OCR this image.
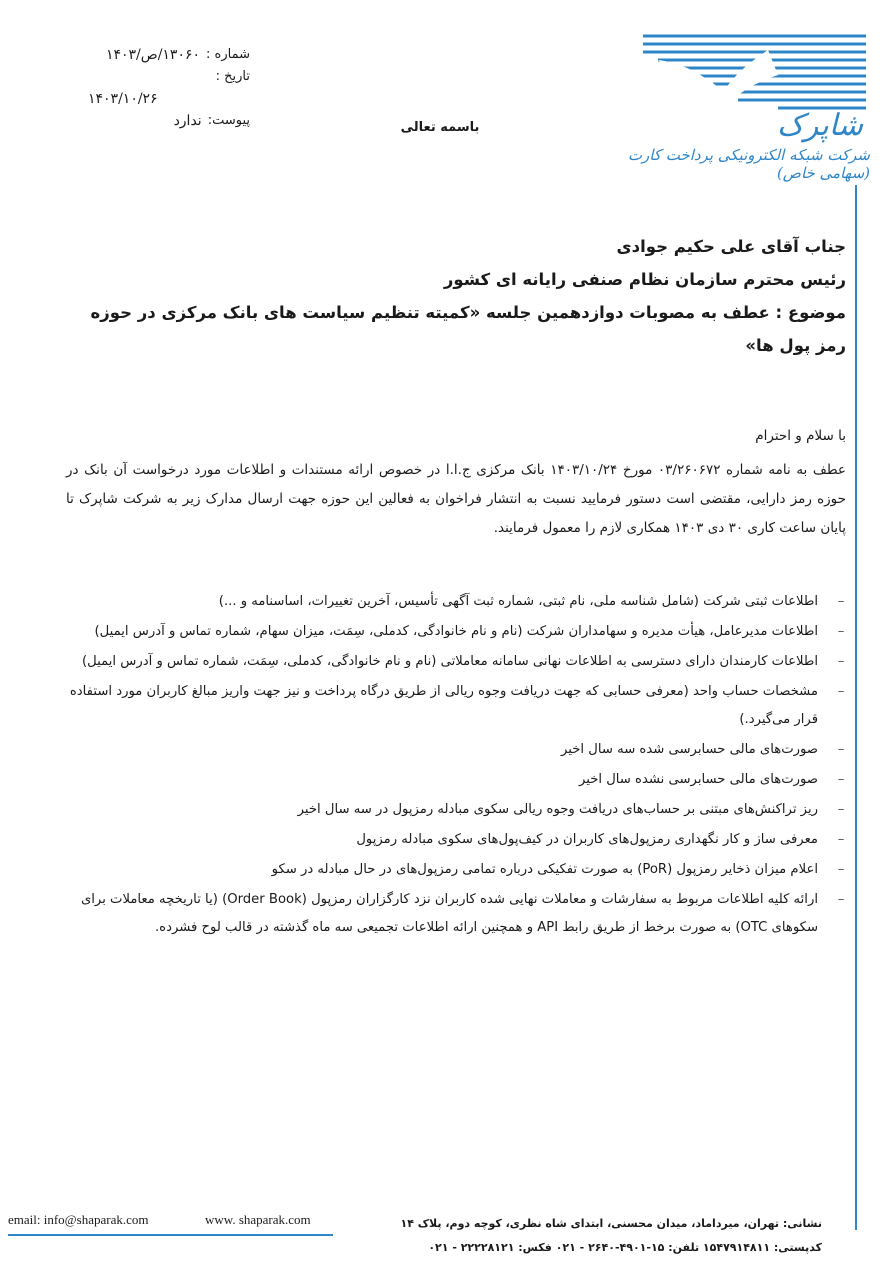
شاپرک
شرکت شبکه الکترونیکی پرداخت کارت (سهامی خاص)
شماره :
۱۳۰۶۰/ص/۱۴۰۳
تاریخ :
۱۴۰۳/۱۰/۲۶
پیوست:
ندارد	باسمه تعالی

جناب آقای علی حکیم جوادی

رئیس محترم سازمان نظام صنفی رایانه ای کشور

موضوع : عطف به مصوبات دوازدهمین جلسه «کمیته تنظیم سیاست های بانک مرکزی در حوزه رمز پول ها»

با سلام و احترام
عطف به نامه شماره ۰۳/۲۶۰۶۷۲ مورخ ۱۴۰۳/۱۰/۲۴ بانک مرکزی ج.ا.ا در خصوص ارائه مستندات و اطلاعات مورد درخواست آن بانک در حوزه رمز دارایی، مقتضی است دستور فرمایید نسبت به انتشار فراخوان به فعالین این حوزه جهت ارسال مدارک زیر به شرکت شاپرک تا پایان ساعت کاری ۳۰ دی ۱۴۰۳ همکاری لازم را معمول فرمایند.
–
اطلاعات ثبتی شرکت (شامل شناسه ملی، نام ثبتی، شماره ثبت آگهی تأسیس، آخرین تغییرات، اساسنامه و ...)
–
اطلاعات مدیرعامل، هیأت مدیره و سهامداران شرکت (نام و نام خانوادگی، کدملی، سِمَت، میزان سهام، شماره تماس و آدرس ایمیل)
–
اطلاعات کارمندان دارای دسترسی به اطلاعات نهانی سامانه معاملاتی (نام و نام خانوادگی، کدملی، سِمَت، شماره تماس و آدرس ایمیل)
–
مشخصات حساب واحد (معرفی حسابی که جهت دریافت وجوه ریالی از طریق درگاه پرداخت و نیز جهت واریز مبالغ کاربران مورد استفاده قرار می‌گیرد.)
–
صورت‌های مالی حسابرسی شده سه سال اخیر
–
صورت‌های مالی حسابرسی نشده سال اخیر
–
ریز تراکنش‌های مبتنی بر حساب‌های دریافت وجوه ریالی سکوی مبادله رمزپول در سه سال اخیر
–
معرفی ساز و کار نگهداری رمزپول‌های کاربران در کیف‌پول‌های سکوی مبادله رمزپول
–
اعلام میزان ذخایر رمزپول (PoR) به صورت تفکیکی درباره تمامی رمزپول‌های در حال مبادله در سکو
–
ارائه کلیه اطلاعات مربوط به سفارشات و معاملات نهایی شده کاربران نزد کارگزاران رمزپول (Order Book) (یا تاریخچه معاملات برای سکوهای OTC) به صورت برخط از طریق رابط API و همچنین ارائه اطلاعات تجمیعی سه ماه گذشته در قالب لوح فشرده.
email: info@shaparak.com	www. shaparak.com	نشانی: تهران، میرداماد، میدان محسنی، ابتدای شاه نظری، کوچه دوم، پلاک ۱۴
کدپستی: ۱۵۴۷۹۱۴۸۱۱ تلفن: ۱۵-۴۹۰۱-۲۶۴۰ - ۰۲۱ فکس: ۲۲۲۲۸۱۲۱ - ۰۲۱
